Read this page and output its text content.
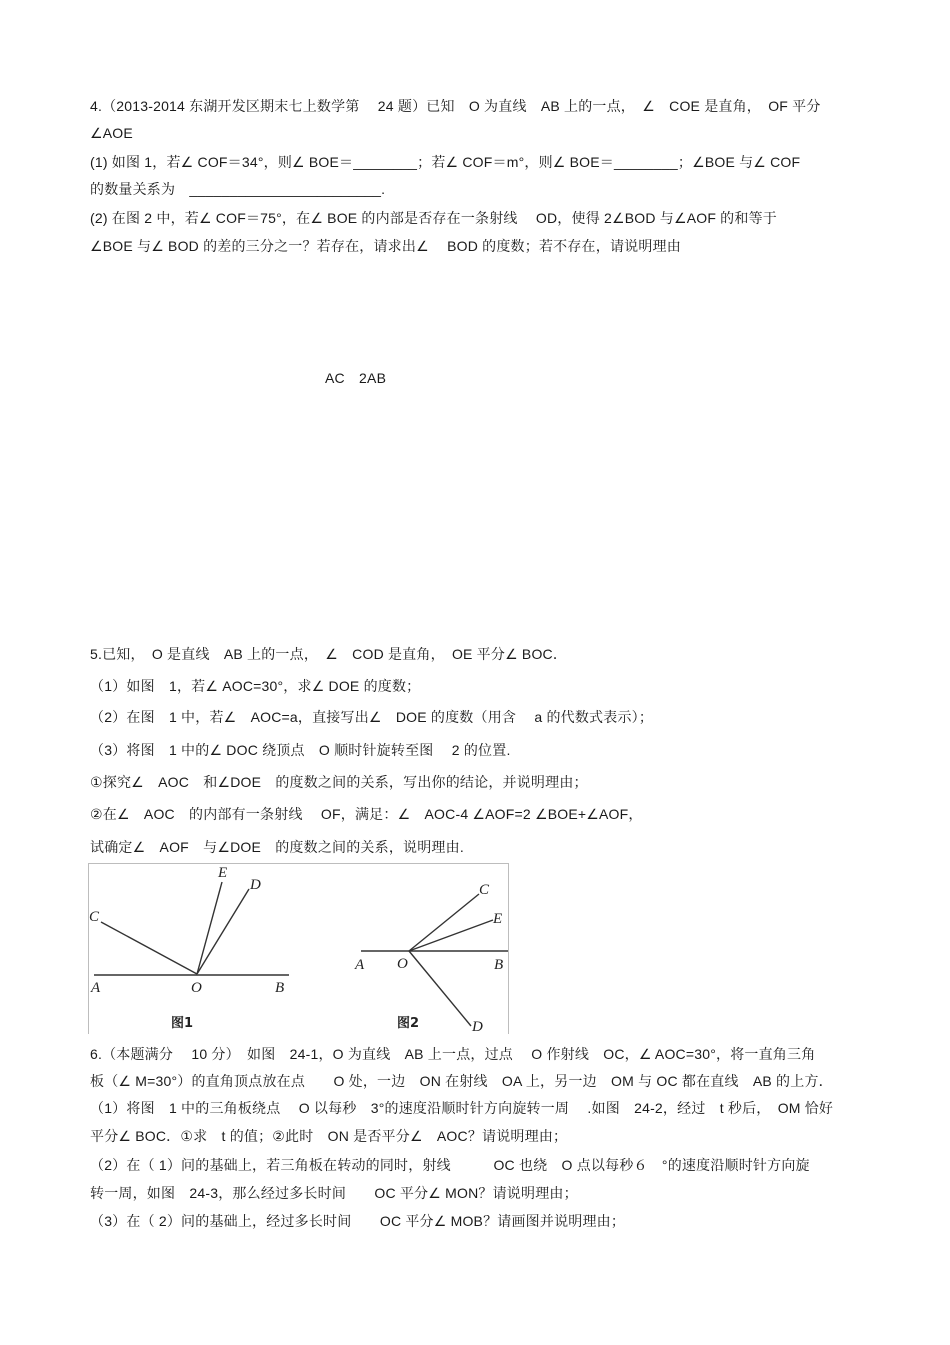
4.（2013-2014 东湖开发区期末七上数学第　 24 题）已知　O 为直线　AB 上的一点，　∠　COE 是直角，　OF 平分
∠AOE
(1) 如图 1，若∠ COF＝34°，则∠ BOE＝________；若∠ COF＝m°，则∠ BOE＝________；∠BOE 与∠ COF
的数量关系为　________________________.
(2) 在图 2 中，若∠ COF＝75°，在∠ BOE 的内部是否存在一条射线　 OD，使得 2∠BOD 与∠AOF 的和等于
∠BOE 与∠ BOD 的差的三分之一？若存在，请求出∠　 BOD 的度数；若不存在，请说明理由
AC　2AB
5.已知，　O 是直线　AB 上的一点，　∠　COD 是直角，　OE 平分∠ BOC．
（1）如图　1，若∠ AOC=30°，求∠ DOE 的度数；
（2）在图　1 中，若∠　AOC=a，直接写出∠　DOE 的度数（用含　 a 的代数式表示）；
（3）将图　1 中的∠ DOC 绕顶点　O 顺时针旋转至图　 2 的位置.
①探究∠　AOC　和∠DOE　的度数之间的关系，写出你的结论，并说明理由；
②在∠　AOC　的内部有一条射线　 OF，满足：∠　AOC-4 ∠AOF=2 ∠BOE+∠AOF，
试确定∠　AOF　与∠DOE　的度数之间的关系，说明理由.
C
E
D
A	O	B
图1
C
E
A O	B
D
图2
6.（本题满分　 10 分）　如图　24-1，O 为直线　AB 上一点，过点　 O 作射线　OC，∠ AOC=30°，将一直角三角
板（∠ M=30°）的直角顶点放在点　　O 处，一边　ON 在射线　OA 上，另一边　OM 与 OC 都在直线　AB 的上方．
（1）将图　1 中的三角板绕点　 O 以每秒　3°的速度沿顺时针方向旋转一周　 .如图　24-2，经过　t 秒后，　OM 恰好
平分∠ BOC．①求　t 的值；②此时　ON 是否平分∠　AOC？请说明理由；
（2）在（ 1）问的基础上，若三角板在转动的同时，射线　　　OC 也绕　O 点以每秒６　°的速度沿顺时针方向旋
转一周，如图　24-3，那么经过多长时间　　OC 平分∠ MON？请说明理由；
（3）在（ 2）问的基础上，经过多长时间　　OC 平分∠ MOB？请画图并说明理由；
